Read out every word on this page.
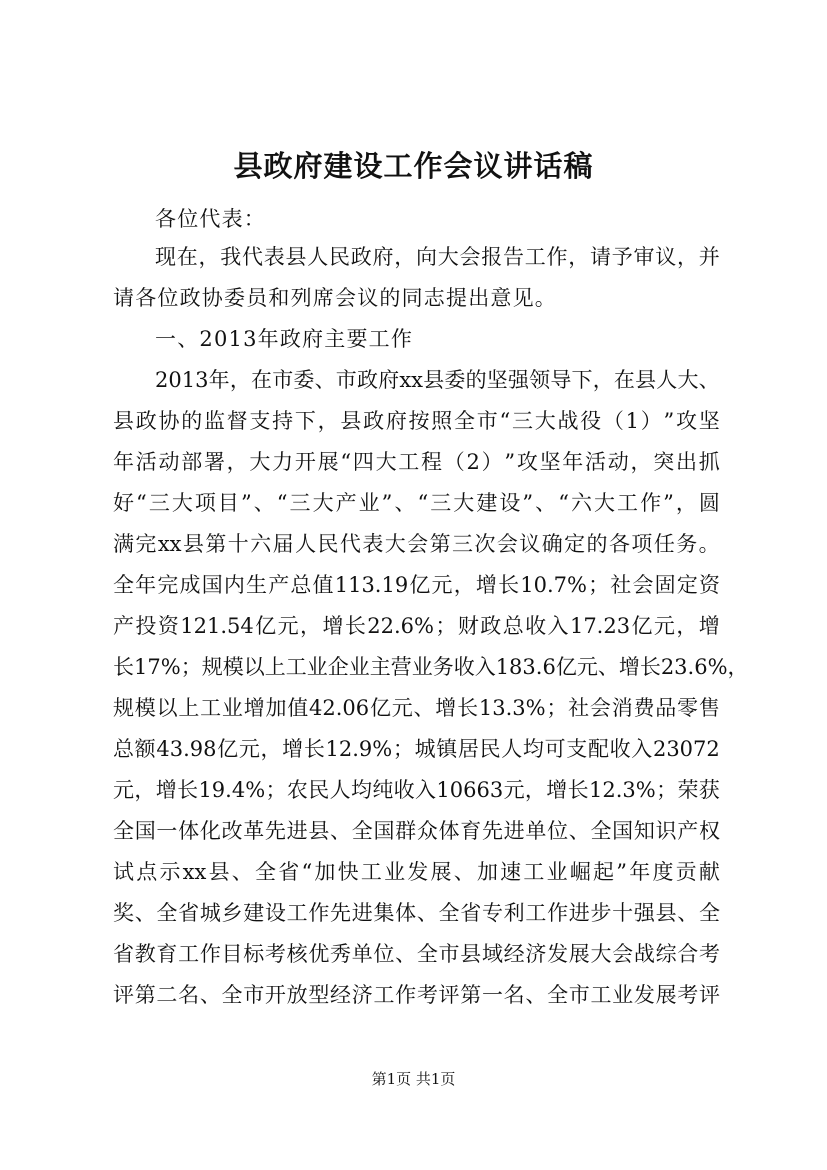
县政府建设工作会议讲话稿
各位代表：
现 在 ， 我 代 表 县 人 民 政 府 ， 向 大 会 报 告 工 作 ， 请 予 审 议 ， 并
请各位政协委员和列席会议的同志提出意见。
一、2013年政府主要工作
2013 年 ， 在 市 委 、 市 政 府 xx 县 委 的 坚 强 领 导 下 ， 在 县 人 大 、
县 政 协 的 监 督 支 持 下 ， 县 政 府 按 照 全 市 “ 三 大 战 役 （ 1 ） ” 攻 坚
年 活 动 部 署 ， 大 力 开 展 “ 四 大 工 程 （ 2 ） ” 攻 坚 年 活 动 ， 突 出 抓
好 “ 三 大 项 目 ” 、 “ 三 大 产 业 ” 、 “ 三 大 建 设 ” 、 “ 六 大 工 作 ” ， 圆
满 完 xx 县 第 十 六 届 人 民 代 表 大 会 第 三 次 会 议 确 定 的 各 项 任 务 。
全 年 完 成 国 内 生 产 总 值 113.19 亿 元 ， 增 长 10.7% ； 社 会 固 定 资
产 投 资 121.54 亿 元 ， 增 长 22.6% ； 财 政 总 收 入 17.23 亿 元 ， 增
长 17% ； 规 模 以 上 工 业 企 业 主 营 业 务 收 入 183.6 亿 元 、 增 长 23.6% ，
规 模 以 上 工 业 增 加 值 42.06 亿 元 、 增 长 13.3% ； 社 会 消 费 品 零 售
总 额 43.98 亿 元 ， 增 长 12.9% ； 城 镇 居 民 人 均 可 支 配 收 入 23072
元 ， 增 长 19.4% ； 农 民 人 均 纯 收 入 10663 元 ， 增 长 12.3% ； 荣 获
全 国 一 体 化 改 革 先 进 县 、 全 国 群 众 体 育 先 进 单 位 、 全 国 知 识 产 权
试 点 示 xx 县 、 全 省 “ 加 快 工 业 发 展 、 加 速 工 业 崛 起 ” 年 度 贡 献
奖 、 全 省 城 乡 建 设 工 作 先 进 集 体 、 全 省 专 利 工 作 进 步 十 强 县 、 全
省 教 育 工 作 目 标 考 核 优 秀 单 位 、 全 市 县 域 经 济 发 展 大 会 战 综 合 考
评 第 二 名 、 全 市 开 放 型 经 济 工 作 考 评 第 一 名 、 全 市 工 业 发 展 考 评
第1页 共1页
